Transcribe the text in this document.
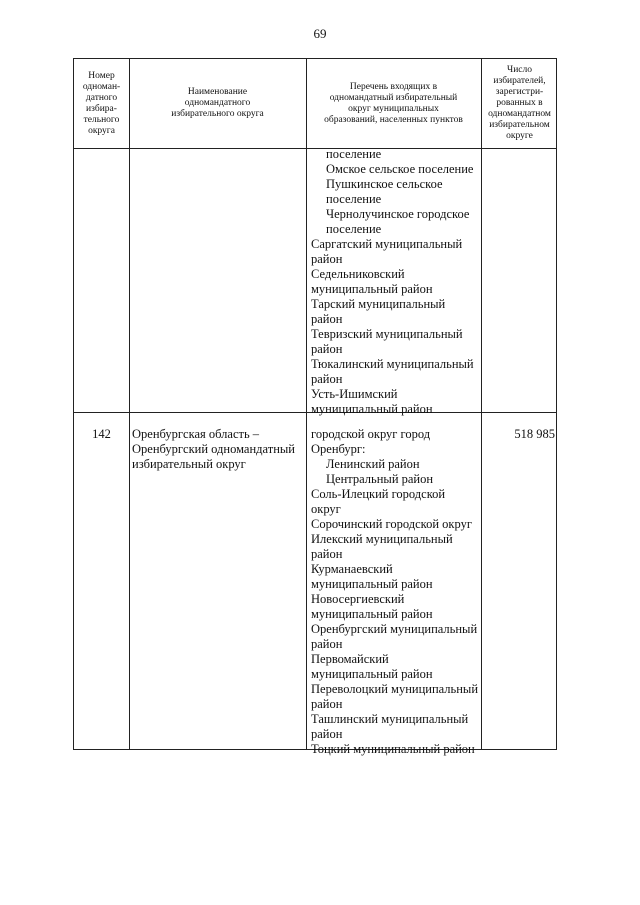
69
Номер
одноман-
датного
избира-
тельного
округа
Наименование
одномандатного
избирательного округа
Перечень входящих в
одномандатный избирательный
округ муниципальных
образований, населенных пунктов
Число
избирателей,
зарегистри-
рованных в
одномандатном
избирательном
округе
поселение
Омское сельское поселение
Пушкинское сельское
поселение
Чернолучинское городское
поселение
Саргатский муниципальный
район
Седельниковский
муниципальный район
Тарский муниципальный
район
Тевризский муниципальный
район
Тюкалинский муниципальный
район
Усть-Ишимский
муниципальный район
142	Оренбургская область –
Оренбургский одномандатный
избирательный округ
городской округ город
Оренбург:
Ленинский район
Центральный район
Соль-Илецкий городской
округ
Сорочинский городской округ
Илекский муниципальный
район
Курманаевский
муниципальный район
Новосергиевский
муниципальный район
Оренбургский муниципальный
район
Первомайский
муниципальный район
Переволоцкий муниципальный
район
Ташлинский муниципальный
район
Тоцкий муниципальный район
518 985
